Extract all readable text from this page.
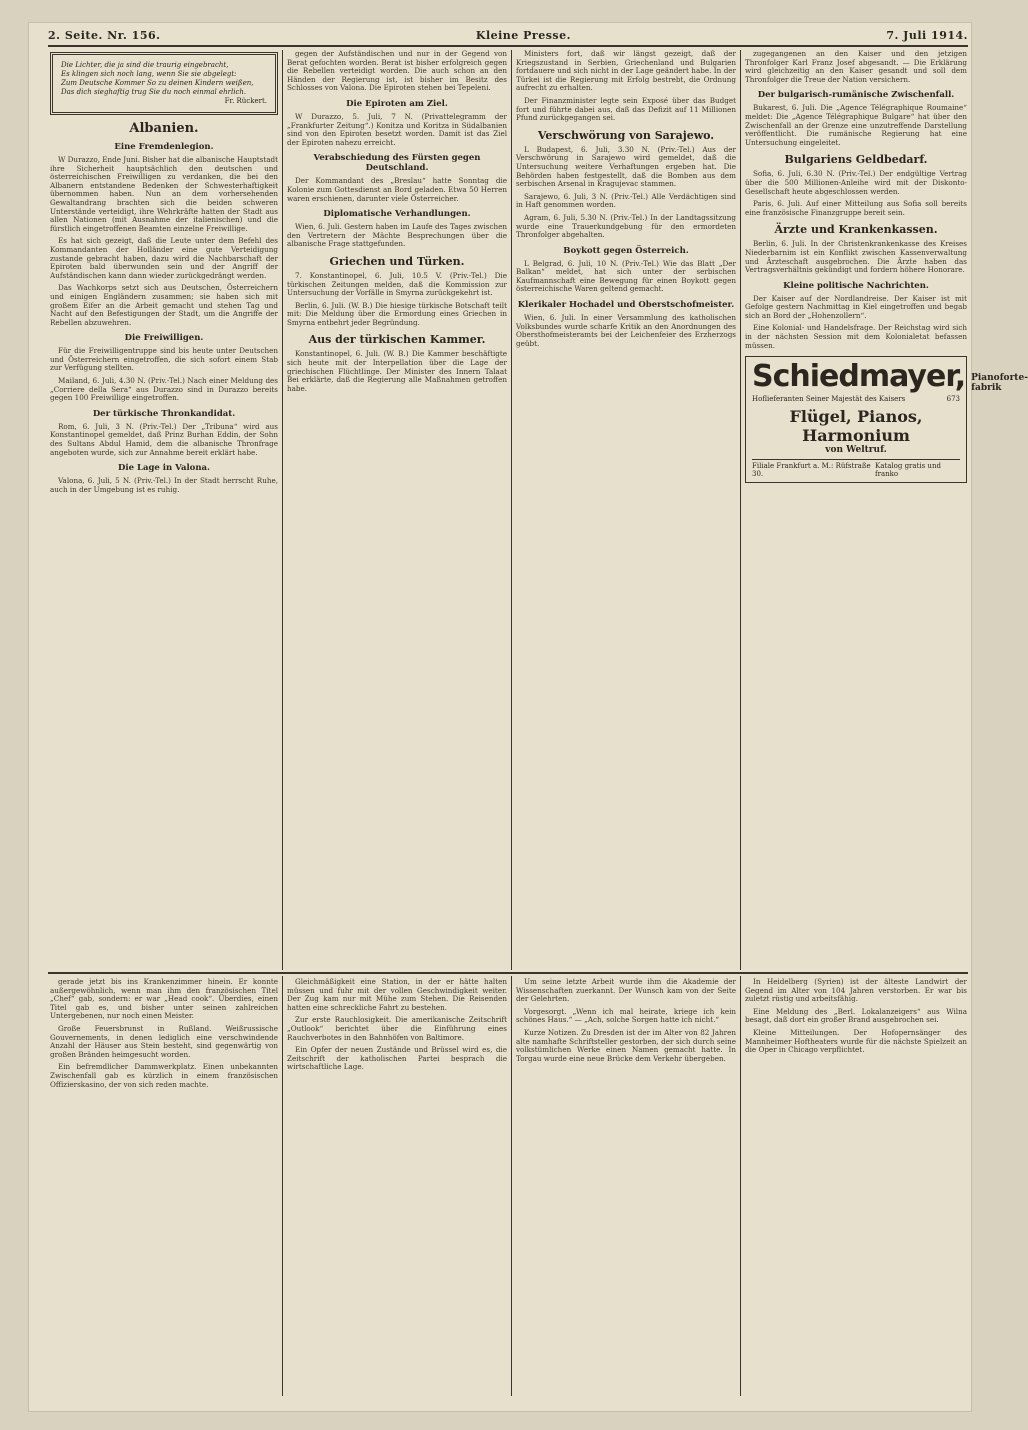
2. Seite. Nr. 156.	Kleine Presse.	7. Juli 1914.
Die Lichter, die ja sind die traurig eingebracht,
Es klingen sich noch lang, wenn Sie sie abgelegt:
Zum Deutsche Kommer So zu deinen Kindern weißen,
Das dich sieghaftig trug Sie du noch einmal ehrlich.
Fr. Rückert.
Albanien.
Eine Fremdenlegion.

W Durazzo, Ende Juni. Bisher hat die albanische Hauptstadt ihre Sicherheit hauptsächlich den deutschen und österreichischen Freiwilligen zu verdanken, die bei den Albanern entstandene Bedenken der Schwesterhaftigkeit übernommen haben. Nun an dem vorhersehenden Gewaltandrang brachten sich die beiden schweren Unterstände verteidigt, ihre Wehrkräfte hatten der Stadt aus allen Nationen (mit Ausnahme der italienischen) und die fürstlich eingetroffenen Beamten einzelne Freiwillige.

Es hat sich gezeigt, daß die Leute unter dem Befehl des Kommandanten der Holländer eine gute Verteidigung zustande gebracht haben, dazu wird die Nachbarschaft der Epiroten bald überwunden sein und der Angriff der Aufständischen kann dann wieder zurückgedrängt werden.

Das Wachkorps setzt sich aus Deutschen, Österreichern und einigen Engländern zusammen; sie haben sich mit großem Eifer an die Arbeit gemacht und stehen Tag und Nacht auf den Befestigungen der Stadt, um die Angriffe der Rebellen abzuwehren.

Die Freiwilligen.

Für die Freiwilligentruppe sind bis heute unter Deutschen und Österreichern eingetroffen, die sich sofort einem Stab zur Verfügung stellten.

Mailand, 6. Juli, 4.30 N. (Priv.-Tel.) Nach einer Meldung des „Corriere della Sera“ aus Durazzo sind in Durazzo bereits gegen 100 Freiwillige eingetroffen.

Der türkische Thronkandidat.

Rom, 6. Juli, 3 N. (Priv.-Tel.) Der „Tribuna“ wird aus Konstantinopel gemeldet, daß Prinz Burhan Eddin, der Sohn des Sultans Abdul Hamid, dem die albanische Thronfrage angeboten wurde, sich zur Annahme bereit erklärt habe.

Die Lage in Valona.

Valona, 6. Juli, 5 N. (Priv.-Tel.) In der Stadt herrscht Ruhe, auch in der Umgebung ist es ruhig.

gegen der Aufständischen und nur in der Gegend von Berat gefochten worden. Berat ist bisher erfolgreich gegen die Rebellen verteidigt worden. Die auch schon an den Händen der Regierung ist, ist bisher im Besitz des Schlosses von Valona. Die Epiroten stehen bei Tepeleni.

Die Epiroten am Ziel.

W Durazzo, 5. Juli, 7 N. (Privattelegramm der „Frankfurter Zeitung“.) Konitza und Koritza in Südalbanien sind von den Epiroten besetzt worden. Damit ist das Ziel der Epiroten nahezu erreicht.

Verabschiedung des Fürsten gegen Deutschland.

Der Kommandant des „Breslau“ hatte Sonntag die Kolonie zum Gottesdienst an Bord geladen. Etwa 50 Herren waren erschienen, darunter viele Österreicher.

Diplomatische Verhandlungen.

Wien, 6. Juli. Gestern haben im Laufe des Tages zwischen den Vertretern der Mächte Besprechungen über die albanische Frage stattgefunden.

Griechen und Türken.

7. Konstantinopel, 6. Juli, 10.5 V. (Priv.-Tel.) Die türkischen Zeitungen melden, daß die Kommission zur Untersuchung der Vorfälle in Smyrna zurückgekehrt ist.

Berlin, 6. Juli. (W. B.) Die hiesige türkische Botschaft teilt mit: Die Meldung über die Ermordung eines Griechen in Smyrna entbehrt jeder Begründung.

Aus der türkischen Kammer.

Konstantinopel, 6. Juli. (W. B.) Die Kammer beschäftigte sich heute mit der Interpellation über die Lage der griechischen Flüchtlinge. Der Minister des Innern Talaat Bei erklärte, daß die Regierung alle Maßnahmen getroffen habe.

Ministers fort, daß wir längst gezeigt, daß der Kriegszustand in Serbien, Griechenland und Bulgarien fortdauere und sich nicht in der Lage geändert habe. In der Türkei ist die Regierung mit Erfolg bestrebt, die Ordnung aufrecht zu erhalten.

Der Finanzminister legte sein Exposé über das Budget fort und führte dabei aus, daß das Defizit auf 11 Millionen Pfund zurückgegangen sei.

Verschwörung von Sarajewo.

L Budapest, 6. Juli, 3.30 N. (Priv.-Tel.) Aus der Verschwörung in Sarajewo wird gemeldet, daß die Untersuchung weitere Verhaftungen ergeben hat. Die Behörden haben festgestellt, daß die Bomben aus dem serbischen Arsenal in Kragujevac stammen.

Sarajewo, 6. Juli, 3 N. (Priv.-Tel.) Alle Verdächtigen sind in Haft genommen worden.

Agram, 6. Juli, 5.30 N. (Priv.-Tel.) In der Landtagssitzung wurde eine Trauerkundgebung für den ermordeten Thronfolger abgehalten.

Boykott gegen Österreich.

L Belgrad, 6. Juli, 10 N. (Priv.-Tel.) Wie das Blatt „Der Balkan“ meldet, hat sich unter der serbischen Kaufmannschaft eine Bewegung für einen Boykott gegen österreichische Waren geltend gemacht.

Klerikaler Hochadel und Oberstschofmeister.

Wien, 6. Juli. In einer Versammlung des katholischen Volksbundes wurde scharfe Kritik an den Anordnungen des Obersthofmeisteramts bei der Leichenfeier des Erzherzogs geübt.

zugegangenen an den Kaiser und den jetzigen Thronfolger Karl Franz Josef abgesandt. — Die Erklärung wird gleichzeitig an den Kaiser gesandt und soll dem Thronfolger die Treue der Nation versichern.

Der bulgarisch-rumänische Zwischenfall.

Bukarest, 6. Juli. Die „Agence Télégraphique Roumaine“ meldet: Die „Agence Télégraphique Bulgare“ hat über den Zwischenfall an der Grenze eine unzutreffende Darstellung veröffentlicht. Die rumänische Regierung hat eine Untersuchung eingeleitet.

Bulgariens Geldbedarf.

Sofia, 6. Juli, 6.30 N. (Priv.-Tel.) Der endgültige Vertrag über die 500 Millionen-Anleihe wird mit der Diskonto-Gesellschaft heute abgeschlossen werden.

Paris, 6. Juli. Auf einer Mitteilung aus Sofia soll bereits eine französische Finanzgruppe bereit sein.

Ärzte und Krankenkassen.

Berlin, 6. Juli. In der Christenkrankenkasse des Kreises Niederbarnim ist ein Konflikt zwischen Kassenverwaltung und Ärzteschaft ausgebrochen. Die Ärzte haben das Vertragsverhältnis gekündigt und fordern höhere Honorare.

Kleine politische Nachrichten.

Der Kaiser auf der Nordlandreise. Der Kaiser ist mit Gefolge gestern Nachmittag in Kiel eingetroffen und begab sich an Bord der „Hohenzollern“.

Eine Kolonial- und Handelsfrage. Der Reichstag wird sich in der nächsten Session mit dem Kolonialetat befassen müssen.

Schiedmayer, Pianoforte-
fabrik
Hoflieferanten Seiner Majestät des Kaisers	673
Flügel, Pianos, Harmonium
von Weltruf.
Filiale Frankfurt a. M.: Rüfstraße 30.
Katalog gratis und franko

gerade jetzt bis ins Krankenzimmer hinein. Er konnte außergewöhnlich, wenn man ihm den französischen Titel „Chef“ gab, sondern: er war „Head cook“. Überdies, einen Titel gab es, und bisher unter seinen zahlreichen Untergebenen, nur noch einen Meister.

Große Feuersbrunst in Rußland. Weißrussische Gouvernements, in denen lediglich eine verschwindende Anzahl der Häuser aus Stein besteht, sind gegenwärtig von großen Bränden heimgesucht worden.

Ein befremdlicher Dammwerkplatz. Einen unbekannten Zwischenfall gab es kürzlich in einem französischen Offizierskasino, der von sich reden machte.

Gleichmäßigkeit eine Station, in der er hätte halten müssen und fuhr mit der vollen Geschwindigkeit weiter. Der Zug kam nur mit Mühe zum Stehen. Die Reisenden hatten eine schreckliche Fahrt zu bestehen.

Zur erste Rauchlosigkeit. Die amerikanische Zeitschrift „Outlook“ berichtet über die Einführung eines Rauchverbotes in den Bahnhöfen von Baltimore.

Ein Opfer der neuen Zustände und Brüssel wird es, die Zeitschrift der katholischen Partei besprach die wirtschaftliche Lage.

Um seine letzte Arbeit wurde ihm die Akademie der Wissenschaften zuerkannt. Der Wunsch kam von der Seite der Gelehrten.

Vorgesorgt. „Wenn ich mal heirate, kriege ich kein schönes Haus.“ — „Ach, solche Sorgen hatte ich nicht.“

Kurze Notizen. Zu Dresden ist der im Alter von 82 Jahren alte namhafte Schriftsteller gestorben, der sich durch seine volkstümlichen Werke einen Namen gemacht hatte. In Torgau wurde eine neue Brücke dem Verkehr übergeben.

In Heidelberg (Syrien) ist der älteste Landwirt der Gegend im Alter von 104 Jahren verstorben. Er war bis zuletzt rüstig und arbeitsfähig.

Eine Meldung des „Berl. Lokalanzeigers“ aus Wilna besagt, daß dort ein großer Brand ausgebrochen sei.

Kleine Mitteilungen. Der Hofopernsänger des Mannheimer Hoftheaters wurde für die nächste Spielzeit an die Oper in Chicago verpflichtet.
